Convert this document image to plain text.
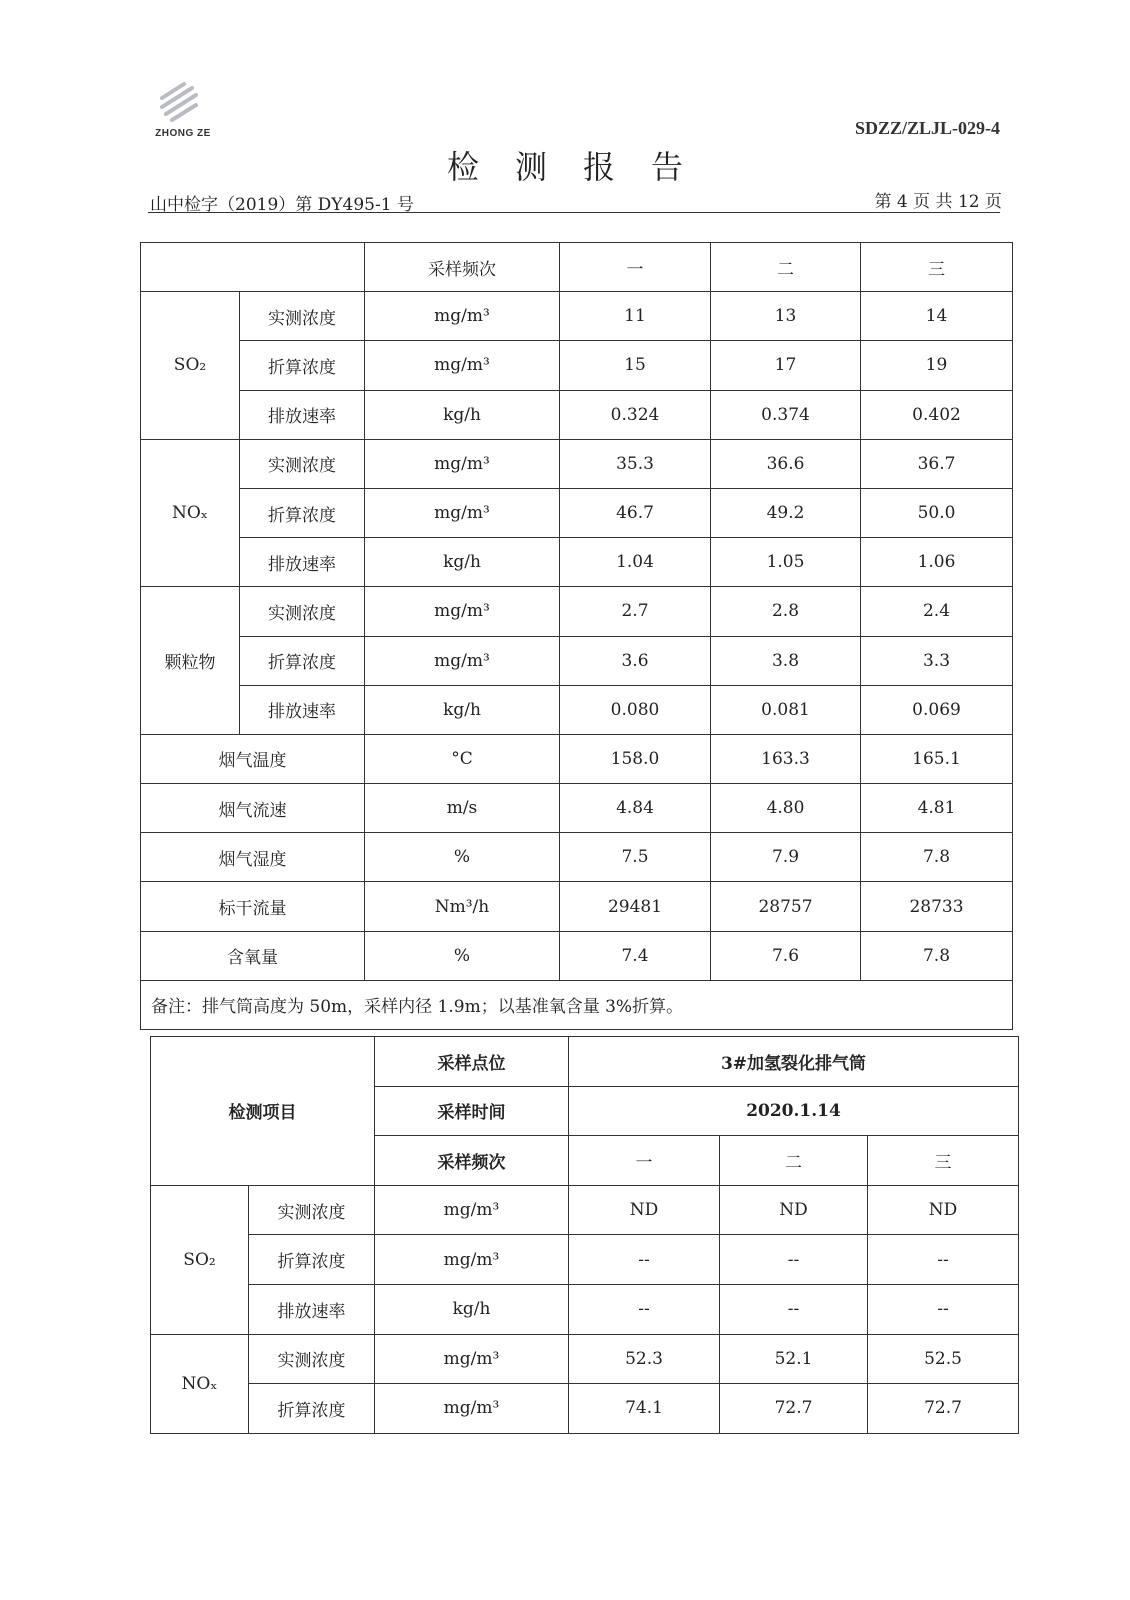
ZHONG ZE	SDZZ/ZLJL-029-4
检测报告
山中检字（2019）第 DY495-1 号	第 4 页 共 12 页
		采样频次	一	二	三
SO₂	实测浓度	mg/m³	11	13	14
	折算浓度	mg/m³	15	17	19
	排放速率	kg/h	0.324	0.374	0.402
NOₓ	实测浓度	mg/m³	35.3	36.6	36.7
	折算浓度	mg/m³	46.7	49.2	50.0
	排放速率	kg/h	1.04	1.05	1.06
颗粒物	实测浓度	mg/m³	2.7	2.8	2.4
	折算浓度	mg/m³	3.6	3.8	3.3
	排放速率	kg/h	0.080	0.081	0.069
烟气温度		°C	158.0	163.3	165.1
烟气流速		m/s	4.84	4.80	4.81
烟气湿度		%	7.5	7.9	7.8
标干流量		Nm³/h	29481	28757	28733
含氧量		%	7.4	7.6	7.8
备注：排气筒高度为 50m，采样内径 1.9m；以基准氧含量 3%折算。					
检测项目		采样点位	3#加氢裂化排气筒		
		采样时间	2020.1.14		
		采样频次	一	二	三
SO₂	实测浓度	mg/m³	ND	ND	ND
	折算浓度	mg/m³	--	--	--
	排放速率	kg/h	--	--	--
NOₓ	实测浓度	mg/m³	52.3	52.1	52.5
	折算浓度	mg/m³	74.1	72.7	72.7
